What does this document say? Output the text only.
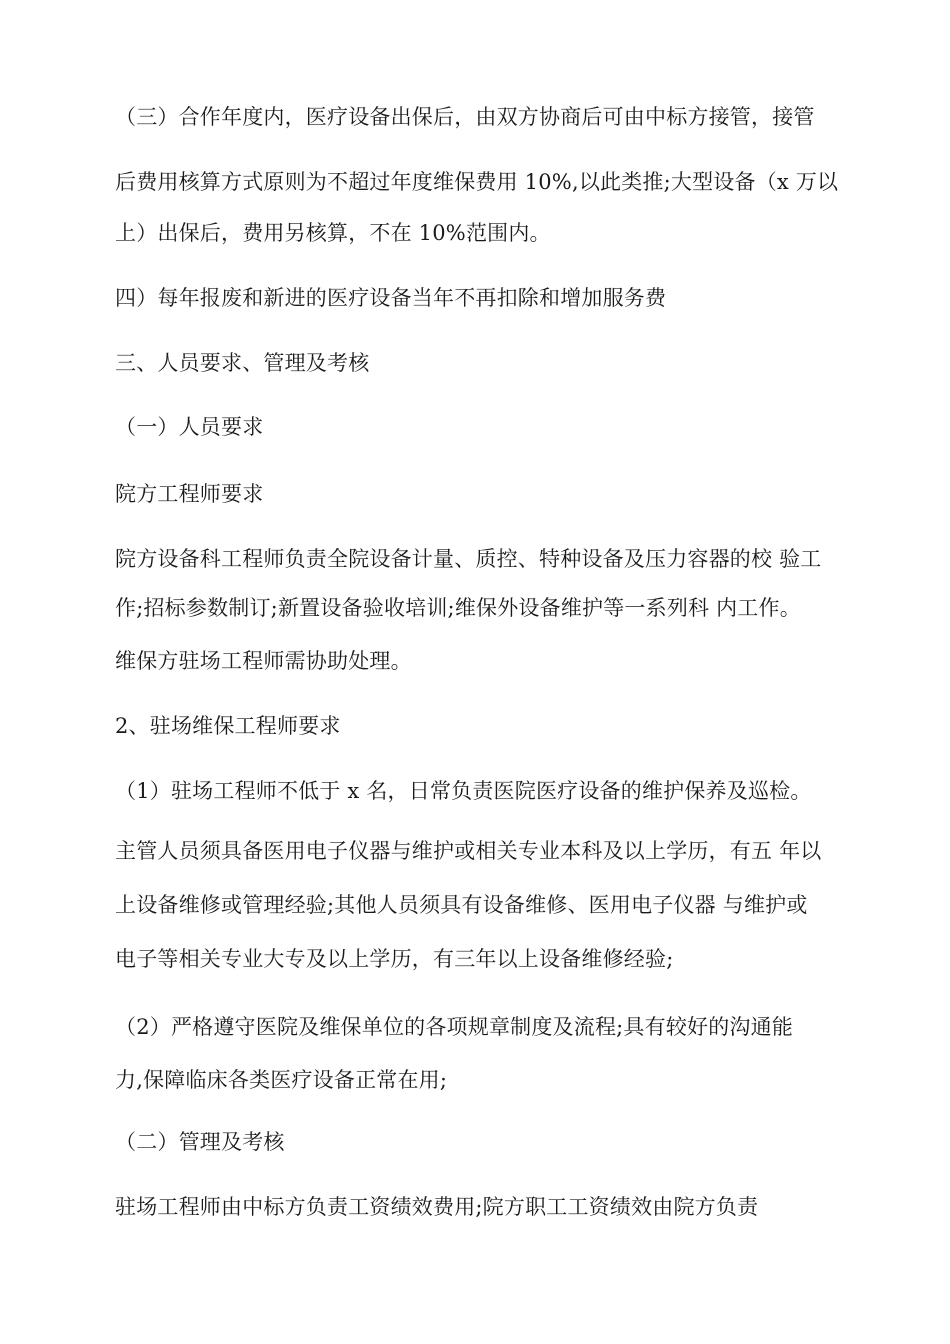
（三）合作年度内，医疗设备出保后，由双方协商后可由中标方接管，接管
后费用核算方式原则为不超过年度维保费用 10%,以此类推;大型设备（x 万以
上）出保后，费用另核算，不在 10%范围内。
四）每年报废和新进的医疗设备当年不再扣除和增加服务费
三、人员要求、管理及考核
（一）人员要求
院方工程师要求
院方设备科工程师负责全院设备计量、质控、特种设备及压力容器的校 验工
作;招标参数制订;新置设备验收培训;维保外设备维护等一系列科 内工作。
维保方驻场工程师需协助处理。
2、驻场维保工程师要求
（1）驻场工程师不低于 x 名，日常负责医院医疗设备的维护保养及巡检。
主管人员须具备医用电子仪器与维护或相关专业本科及以上学历，有五 年以
上设备维修或管理经验;其他人员须具有设备维修、医用电子仪器 与维护或
电子等相关专业大专及以上学历，有三年以上设备维修经验;
（2）严格遵守医院及维保单位的各项规章制度及流程;具有较好的沟通能
力,保障临床各类医疗设备正常在用;
（二）管理及考核
驻场工程师由中标方负责工资绩效费用;院方职工工资绩效由院方负责
